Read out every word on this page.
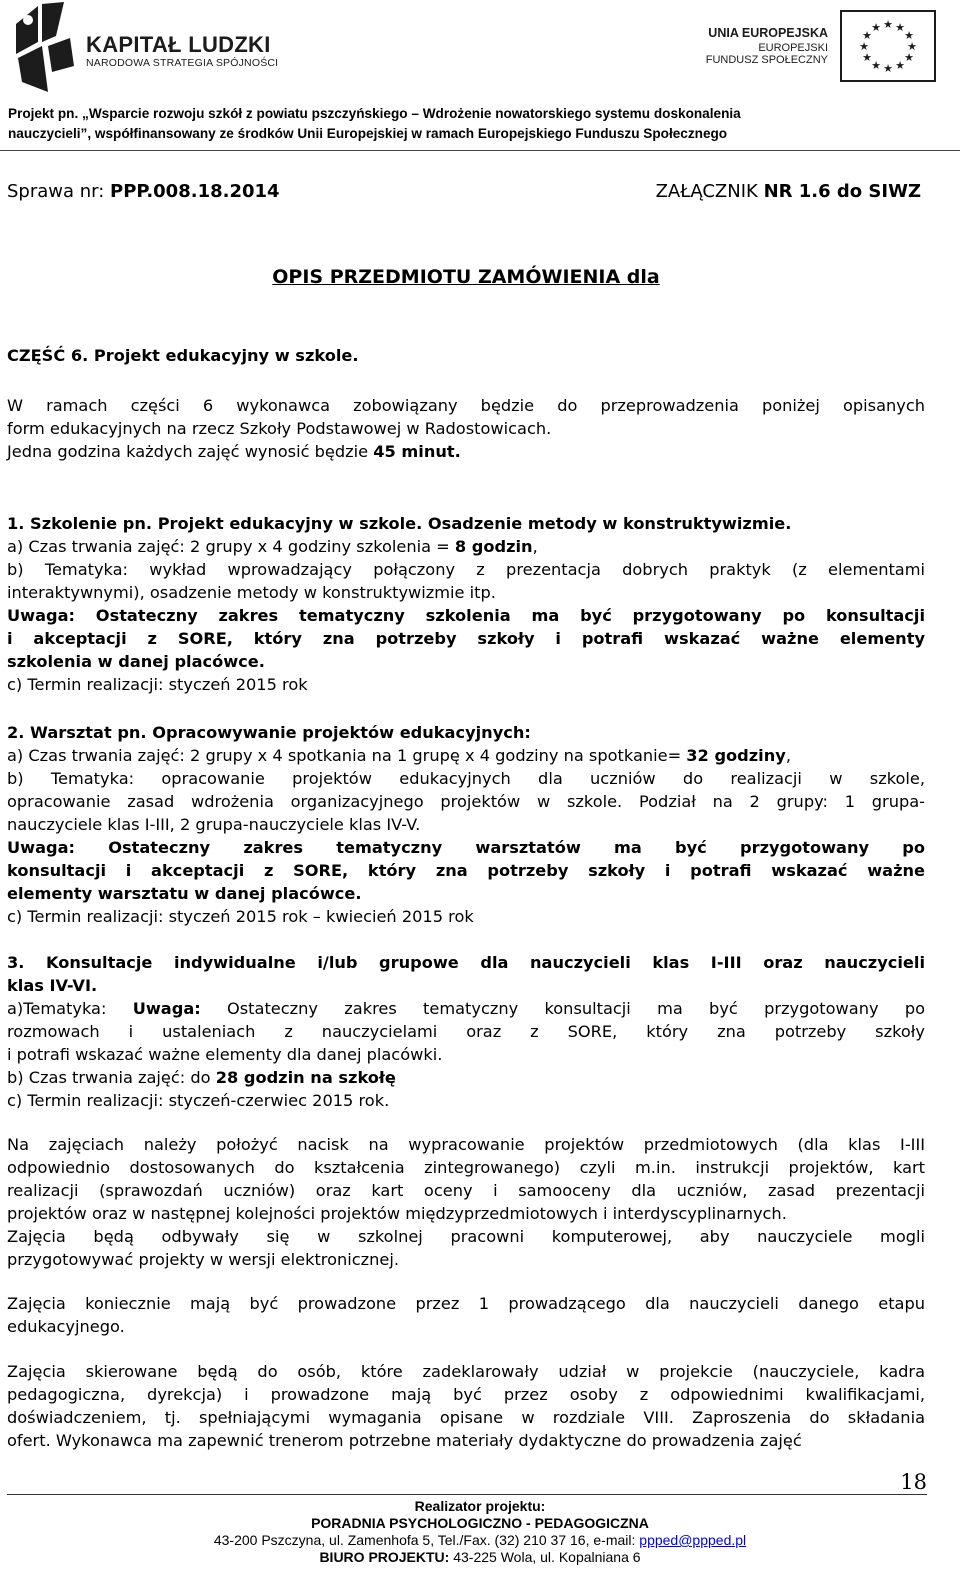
KAPITAŁ LUDZKI
NARODOWA STRATEGIA SPÓJNOŚCI
UNIA EUROPEJSKA
EUROPEJSKI
FUNDUSZ SPOŁECZNY
★ ★
★
★
★
★
★
★
★
★
★
★
Projekt pn. „Wsparcie rozwoju szkół z powiatu pszczyńskiego – Wdrożenie nowatorskiego systemu doskonalenia
nauczycieli”, współfinansowany ze środków Unii Europejskiej w ramach Europejskiego Funduszu Społecznego
Sprawa nr: PPP.008.18.2014	ZAŁĄCZNIK NR 1.6 do SIWZ
OPIS PRZEDMIOTU ZAMÓWIENIA dla
CZĘŚĆ 6. Projekt edukacyjny w szkole.
W ramach części 6 wykonawca zobowiązany będzie do przeprowadzenia poniżej opisanych
form edukacyjnych na rzecz Szkoły Podstawowej w Radostowicach.
Jedna godzina każdych zajęć wynosić będzie 45 minut.
1. Szkolenie pn. Projekt edukacyjny w szkole. Osadzenie metody w konstruktywizmie.
a) Czas trwania zajęć: 2 grupy x 4 godziny szkolenia = 8 godzin,
b) Tematyka: wykład wprowadzający połączony z prezentacja dobrych praktyk (z elementami
interaktywnymi), osadzenie metody w konstruktywizmie itp.
Uwaga: Ostateczny zakres tematyczny szkolenia ma być przygotowany po konsultacji
i akceptacji z SORE, który zna potrzeby szkoły i potrafi wskazać ważne elementy
szkolenia w danej placówce.
c) Termin realizacji: styczeń 2015 rok
2. Warsztat pn. Opracowywanie projektów edukacyjnych:
a) Czas trwania zajęć: 2 grupy x 4 spotkania na 1 grupę x 4 godziny na spotkanie= 32 godziny,
b) Tematyka: opracowanie projektów edukacyjnych dla uczniów do realizacji w szkole,
opracowanie zasad wdrożenia organizacyjnego projektów w szkole. Podział na 2 grupy: 1 grupa-
nauczyciele klas I-III, 2 grupa-nauczyciele klas IV-V.
Uwaga: Ostateczny zakres tematyczny warsztatów ma być przygotowany po
konsultacji i akceptacji z SORE, który zna potrzeby szkoły i potrafi wskazać ważne
elementy warsztatu w danej placówce.
c) Termin realizacji: styczeń 2015 rok – kwiecień 2015 rok
3. Konsultacje indywidualne i/lub grupowe dla nauczycieli klas I-III oraz nauczycieli
klas IV-VI.
a)Tematyka: Uwaga: Ostateczny zakres tematyczny konsultacji ma być przygotowany po
rozmowach i ustaleniach z nauczycielami oraz z SORE, który zna potrzeby szkoły
i potrafi wskazać ważne elementy dla danej placówki.
b) Czas trwania zajęć: do 28 godzin na szkołę
c) Termin realizacji: styczeń-czerwiec 2015 rok.
Na zajęciach należy położyć nacisk na wypracowanie projektów przedmiotowych (dla klas I-III
odpowiednio dostosowanych do kształcenia zintegrowanego) czyli m.in. instrukcji projektów, kart
realizacji (sprawozdań uczniów) oraz kart oceny i samooceny dla uczniów, zasad prezentacji
projektów oraz w następnej kolejności projektów międzyprzedmiotowych i interdyscyplinarnych.
Zajęcia będą odbywały się w szkolnej pracowni komputerowej, aby nauczyciele mogli
przygotowywać projekty w wersji elektronicznej.
Zajęcia koniecznie mają być prowadzone przez 1 prowadzącego dla nauczycieli danego etapu
edukacyjnego.
Zajęcia skierowane będą do osób, które zadeklarowały udział w projekcie (nauczyciele, kadra
pedagogiczna, dyrekcja) i prowadzone mają być przez osoby z odpowiednimi kwalifikacjami,
doświadczeniem, tj. spełniającymi wymagania opisane w rozdziale VIII. Zaproszenia do składania
ofert. Wykonawca ma zapewnić trenerom potrzebne materiały dydaktyczne do prowadzenia zajęć
18
Realizator projektu:
PORADNIA PSYCHOLOGICZNO - PEDAGOGICZNA
43-200 Pszczyna, ul. Zamenhofa 5, Tel./Fax. (32) 210 37 16, e-mail: ppped@ppped.pl
BIURO PROJEKTU: 43-225 Wola, ul. Kopalniana 6
